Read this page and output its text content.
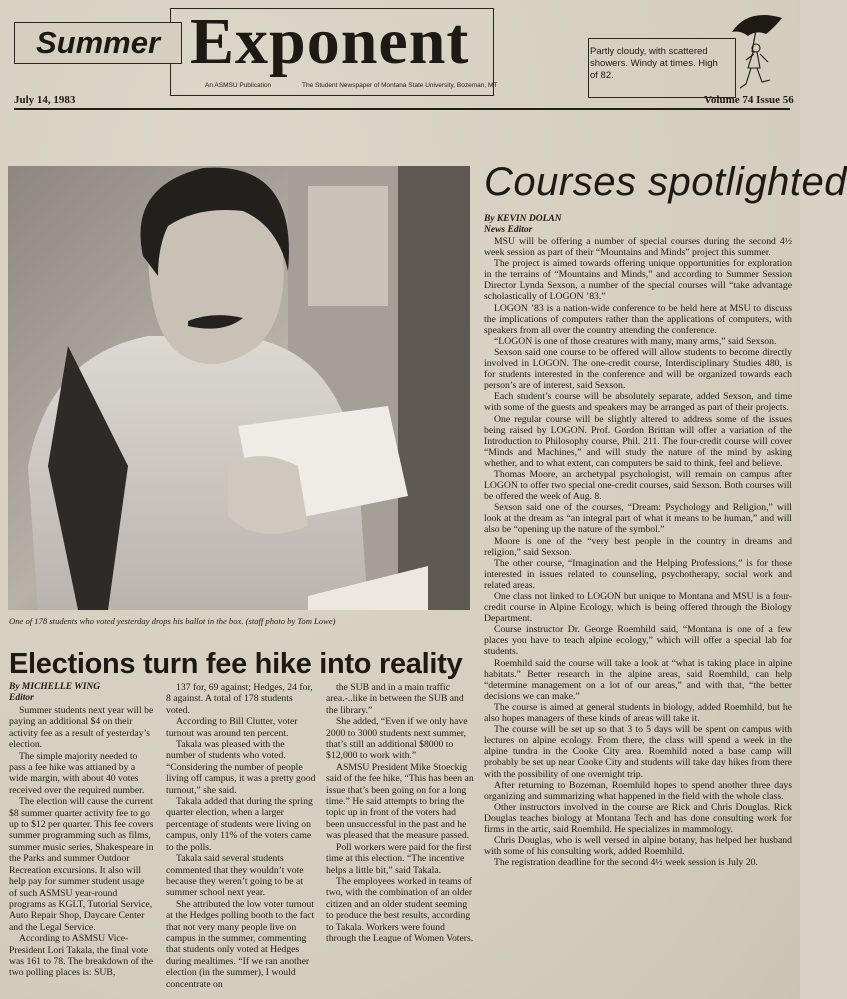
Summer Exponent
An ASMSU Publication	The Student Newspaper of Montana State University, Bozeman, MT
Partly cloudy, with scattered showers. Windy at times. High of 82.
July 14, 1983	Volume 74 Issue 56
One of 178 students who voted yesterday drops his ballot in the box. (staff photo by Tom Lowe)
Courses spotlighted
By KEVIN DOLAN
News Editor

MSU will be offering a number of special courses during the second 4½ week session as part of their “Mountains and Minds” project this summer.

The project is aimed towards offering unique opportunities for exploration in the terrains of “Mountains and Minds,” and according to Summer Session Director Lynda Sexson, a number of the special courses will “take advantage scholastically of LOGON ’83.”

LOGON ’83 is a nation-wide conference to be held here at MSU to discuss the implications of computers rather than the applications of computers, with speakers from all over the country attending the conference.

“LOGON is one of those creatures with many, many arms,” said Sexson.

Sexson said one course to be offered will allow students to become directly involved in LOGON. The one-credit course, Interdisciplinary Studies 480, is for students interested in the conference and will be organized towards each person’s are of interest, said Sexson.

Each student’s course will be absolutely separate, added Sexson, and time with some of the guests and speakers may be arranged as part of their projects.

One regular course will be slightly altered to address some of the issues being raised by LOGON. Prof. Gordon Brittan will offer a variation of the Introduction to Philosophy course, Phil. 211. The four-credit course will cover “Minds and Machines,” and will study the nature of the mind by asking whether, and to what extent, can computers be said to think, feel and believe.

Thomas Moore, an archetypal psychologist, will remain on campus after LOGON to offer two special one-credit courses, said Sexson. Both courses will be offered the week of Aug. 8.

Sexson said one of the courses, “Dream: Psychology and Religion,” will look at the dream as “an integral part of what it means to be human,” and will also be “opening up the nature of the symbol.”

Moore is one of the “very best people in the country in dreams and religion,” said Sexson.

The other course, “Imagination and the Helping Professions,” is for those interested in issues related to counseling, psychotherapy, social work and related areas.

One class not linked to LOGON but unique to Montana and MSU is a four-credit course in Alpine Ecology, which is being offered through the Biology Department.

Course instructor Dr. George Roemhild said, “Montana is one of a few places you have to teach alpine ecology,” which will offer a special lab for students.

Roemhild said the course will take a look at “what is taking place in alpine habitats.” Better research in the alpine areas, said Roemhild, can help “determine management on a lot of our areas,” and with that, “the better decisions we can make.”

The course is aimed at general students in biology, added Roemhild, but he also hopes managers of these kinds of areas will take it.

The course will be set up so that 3 to 5 days will be spent on campus with lectures on alpine ecology. From there, the class will spend a week in the alpine tundra in the Cooke City area. Roemhild noted a base camp will probably be set up near Cooke City and students will take day hikes from there with the possibility of one overnight trip.

After returning to Bozeman, Roemhild hopes to spend another three days organizing and summarizing what happened in the field with the whole class.

Other instructors involved in the course are Rick and Chris Douglas. Rick Douglas teaches biology at Montana Tech and has done consulting work for firms in the artic, said Roemhild. He specializes in mammology.

Chris Douglas, who is well versed in alpine botany, has helped her husband with some of his consulting work, added Roemhild.

The registration deadline for the second 4½ week session is July 20.

Elections turn fee hike into reality
By MICHELLE WING
Editor

Summer students next year will be paying an additional $4 on their activity fee as a result of yesterday’s election.

The simple majority needed to pass a fee hike was attianed by a wide margin, with about 40 votes received over the required number.

The election will cause the current $8 summer quarter activity fee to go up to $12 per quarter. This fee covers summer programming such as films, summer music series, Shakespeare in the Parks and summer Outdoor Recreation excursions. It also will help pay for summer student usage of such ASMSU year-round programs as KGLT, Tutorial Service, Auto Repair Shop, Daycare Center and the Legal Service.

According to ASMSU Vice-President Lori Takala, the final vote was 161 to 78. The breakdown of the two polling places is: SUB,

137 for, 69 against; Hedges, 24 for, 8 against. A total of 178 students voted.

According to Bill Clutter, voter turnout was around ten percent.

Takala was pleased with the number of students who voted. “Considering the number of people living off campus, it was a pretty good turnout,” she said.

Takala added that during the spring quarter election, when a larger percentage of students were living on campus, only 11% of the voters came to the polls.

Takala said several students commented that they wouldn’t vote because they weren’t going to be at summer school next year.

She attributed the low voter turnout at the Hedges polling booth to the fact that not very many people live on campus in the summer, commenting that students only voted at Hedges during mealtimes. “If we ran another election (in the summer), I would concentrate on

the SUB and in a main traffic area.-..like in between the SUB and the library.”

She added, “Even if we only have 2000 to 3000 students next summer, that’s still an additional $8000 to $12,000 to work with.”

ASMSU President Mike Stoeckig said of the fee hike, “This has been an issue that’s been going on for a long time.” He said attempts to bring the topic up in front of the voters had been unsuccessful in the past and he was pleased that the measure passed.

Poll workers were paid for the first time at this election. “The incentive helps a little bit,” said Takala.

The employees worked in teams of two, with the combination of an older citizen and an older student seeming to produce the best results, according to Takala. Workers were found through the League of Women Voters.
